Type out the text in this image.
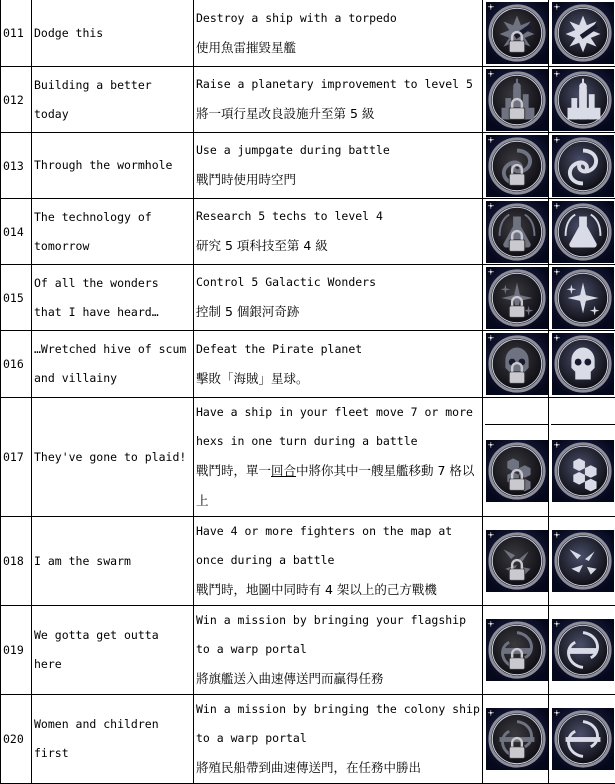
011	Dodge this	Destroy a ship with a torpedo
使用魚雷摧毀星艦	

012	Building a better today	Raise a planetary improvement to level 5
將一項行星改良設施升至第 5 級	

013	Through the wormhole	Use a jumpgate during battle
戰鬥時使用時空門	

014	The technology of tomorrow	Research 5 techs to level 4
研究 5 項科技至第 4 級	

015	Of all the wonders that I have heard…	Control 5 Galactic Wonders
控制 5 個銀河奇跡	

016	…Wretched hive of scum and villainy	Defeat the Pirate planet
擊敗「海賊」星球。	

017	They've gone to plaid!	Have a ship in your fleet move 7 or more hexs in one turn during a battle
戰鬥時，單一回合中將你其中一艘星艦移動 7 格以上	

018	I am the swarm	Have 4 or more fighters on the map at once during a battle
戰鬥時，地圖中同時有 4 架以上的己方戰機	

019	We gotta get outta here	Win a mission by bringing your flagship to a warp portal
將旗艦送入曲速傳送門而贏得任務	

020	Women and children first	Win a mission by bringing the colony ship to a warp portal
將殖民船帶到曲速傳送門，在任務中勝出	
